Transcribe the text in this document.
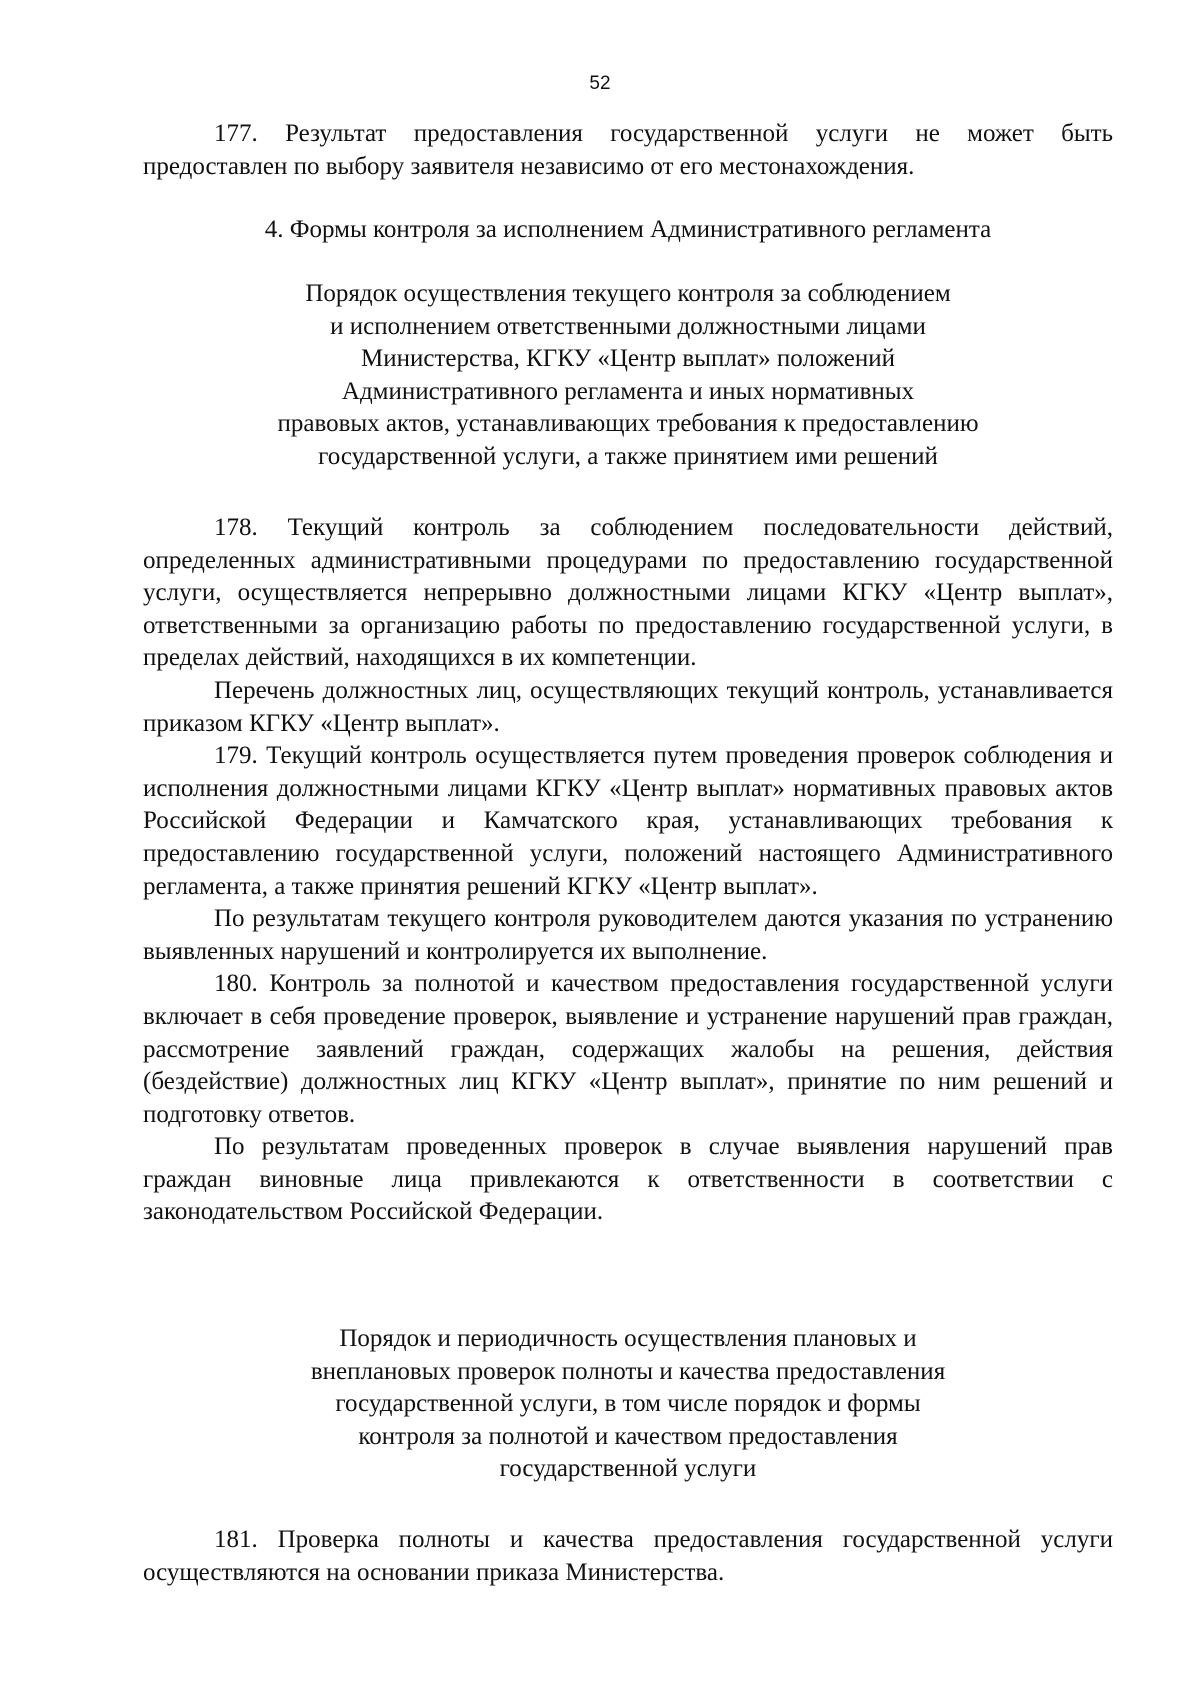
52

177. Результат предоставления государственной услуги не может быть предоставлен по выбору заявителя независимо от его местонахождения.

4. Формы контроля за исполнением Административного регламента

Порядок осуществления текущего контроля за соблюдением
и исполнением ответственными должностными лицами
Министерства, КГКУ «Центр выплат» положений
Административного регламента и иных нормативных
правовых актов, устанавливающих требования к предоставлению
государственной услуги, а также принятием ими решений

178. Текущий контроль за соблюдением последовательности действий, определенных административными процедурами по предоставлению государственной услуги, осуществляется непрерывно должностными лицами КГКУ «Центр выплат», ответственными за организацию работы по предоставлению государственной услуги, в пределах действий, находящихся в их компетенции.

Перечень должностных лиц, осуществляющих текущий контроль, устанавливается приказом КГКУ «Центр выплат».

179. Текущий контроль осуществляется путем проведения проверок соблюдения и исполнения должностными лицами КГКУ «Центр выплат» нормативных правовых актов Российской Федерации и Камчатского края, устанавливающих требования к предоставлению государственной услуги, положений настоящего Административного регламента, а также принятия решений КГКУ «Центр выплат».

По результатам текущего контроля руководителем даются указания по устранению выявленных нарушений и контролируется их выполнение.

180. Контроль за полнотой и качеством предоставления государственной услуги включает в себя проведение проверок, выявление и устранение нарушений прав граждан, рассмотрение заявлений граждан, содержащих жалобы на решения, действия (бездействие) должностных лиц КГКУ «Центр выплат», принятие по ним решений и подготовку ответов.

По результатам проведенных проверок в случае выявления нарушений прав граждан виновные лица привлекаются к ответственности в соответствии с законодательством Российской Федерации.

Порядок и периодичность осуществления плановых и
внеплановых проверок полноты и качества предоставления
государственной услуги, в том числе порядок и формы
контроля за полнотой и качеством предоставления
государственной услуги

181. Проверка полноты и качества предоставления государственной услуги осуществляются на основании приказа Министерства.
